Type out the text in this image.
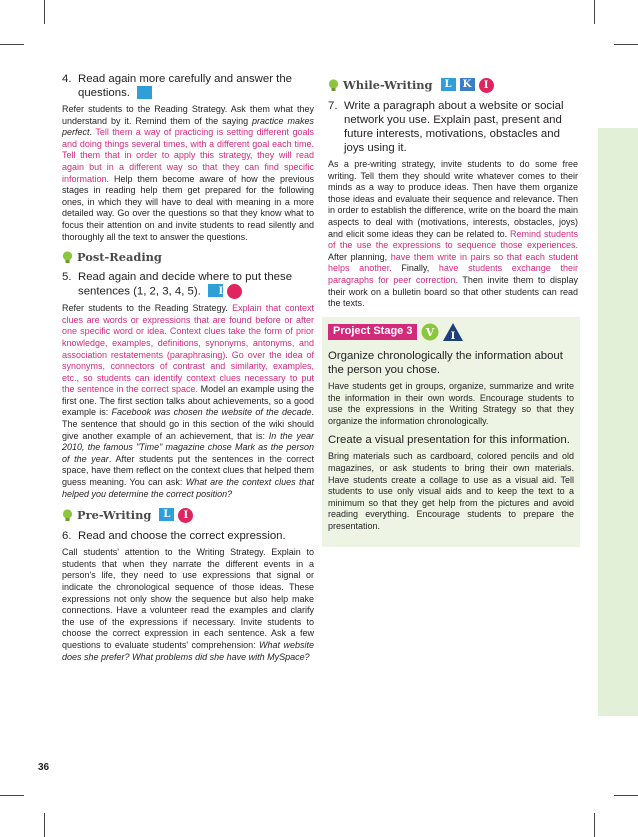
4. Read again more carefully and answer the questions.
L

Refer students to the Reading Strategy. Ask them what they understand by it. Remind them of the saying practice makes perfect. Tell them a way of practicing is setting different goals and doing things several times, with a different goal each time. Tell them that in order to apply this strategy, they will read again but in a different way so that they can find specific information. Help them become aware of how the previous stages in reading help them get prepared for the following ones, in which they will have to deal with meaning in a more detailed way. Go over the questions so that they know what to focus their attention on and invite students to read silently and thoroughly all the text to answer the questions.

Post-Reading
5. Read again and decide where to put these sentences (1, 2, 3, 4, 5).
L

Refer students to the Reading Strategy. Explain that context clues are words or expressions that are found before or after one specific word or idea. Context clues take the form of prior knowledge, examples, definitions, synonyms, antonyms, and association restatements (paraphrasing). Go over the idea of synonyms, connectors of contrast and similarity, examples, etc., so students can identify context clues necessary to put the sentence in the correct space. Model an example using the first one. The first section talks about achievements, so a good example is: Facebook was chosen the website of the decade. The sentence that should go in this section of the wiki should give another example of an achievement, that is: In the year 2010, the famous "Time" magazine chose Mark as the person of the year. After students put the sentences in the correct space, have them reflect on the context clues that helped them guess meaning. You can ask: What are the context clues that helped you determine the correct position?

Pre-Writing	L	I
6. Read and choose the correct expression.

Call students' attention to the Writing Strategy. Explain to students that when they narrate the different events in a person's life, they need to use expressions that signal or indicate the chronological sequence of those ideas. These expressions not only show the sequence but also help make connections. Have a volunteer read the examples and clarify the use of the expressions if necessary. Invite students to choose the correct expression in each sentence. Ask a few questions to evaluate students' comprehension: What website does she prefer? What problems did she have with MySpace?

While-Writing	L	K	I
7. Write a paragraph about a website or social network you use. Explain past, present and future interests, motivations, obstacles and joys using it.

As a pre-writing strategy, invite students to do some free writing. Tell them they should write whatever comes to their minds as a way to produce ideas. Then have them organize those ideas and evaluate their sequence and relevance. Then in order to establish the difference, write on the board the main aspects to deal with (motivations, interests, obstacles, joys) and elicit some ideas they can be related to. Remind students of the use the expressions to sequence those experiences. After planning, have them write in pairs so that each student helps another. Finally, have students exchange their paragraphs for peer correction. Then invite them to display their work on a bulletin board so that other students can read the texts.

Project Stage 3	V I
Organize chronologically the information about the person you chose.

Have students get in groups, organize, summarize and write the information in their own words. Encourage students to use the expressions in the Writing Strategy so that they organize the information chronologically.

Create a visual presentation for this information.

Bring materials such as cardboard, colored pencils and old magazines, or ask students to bring their own materials. Have students create a collage to use as a visual aid. Tell students to use only visual aids and to keep the text to a minimum so that they get help from the pictures and avoid reading everything. Encourage students to prepare the presentation.

36
